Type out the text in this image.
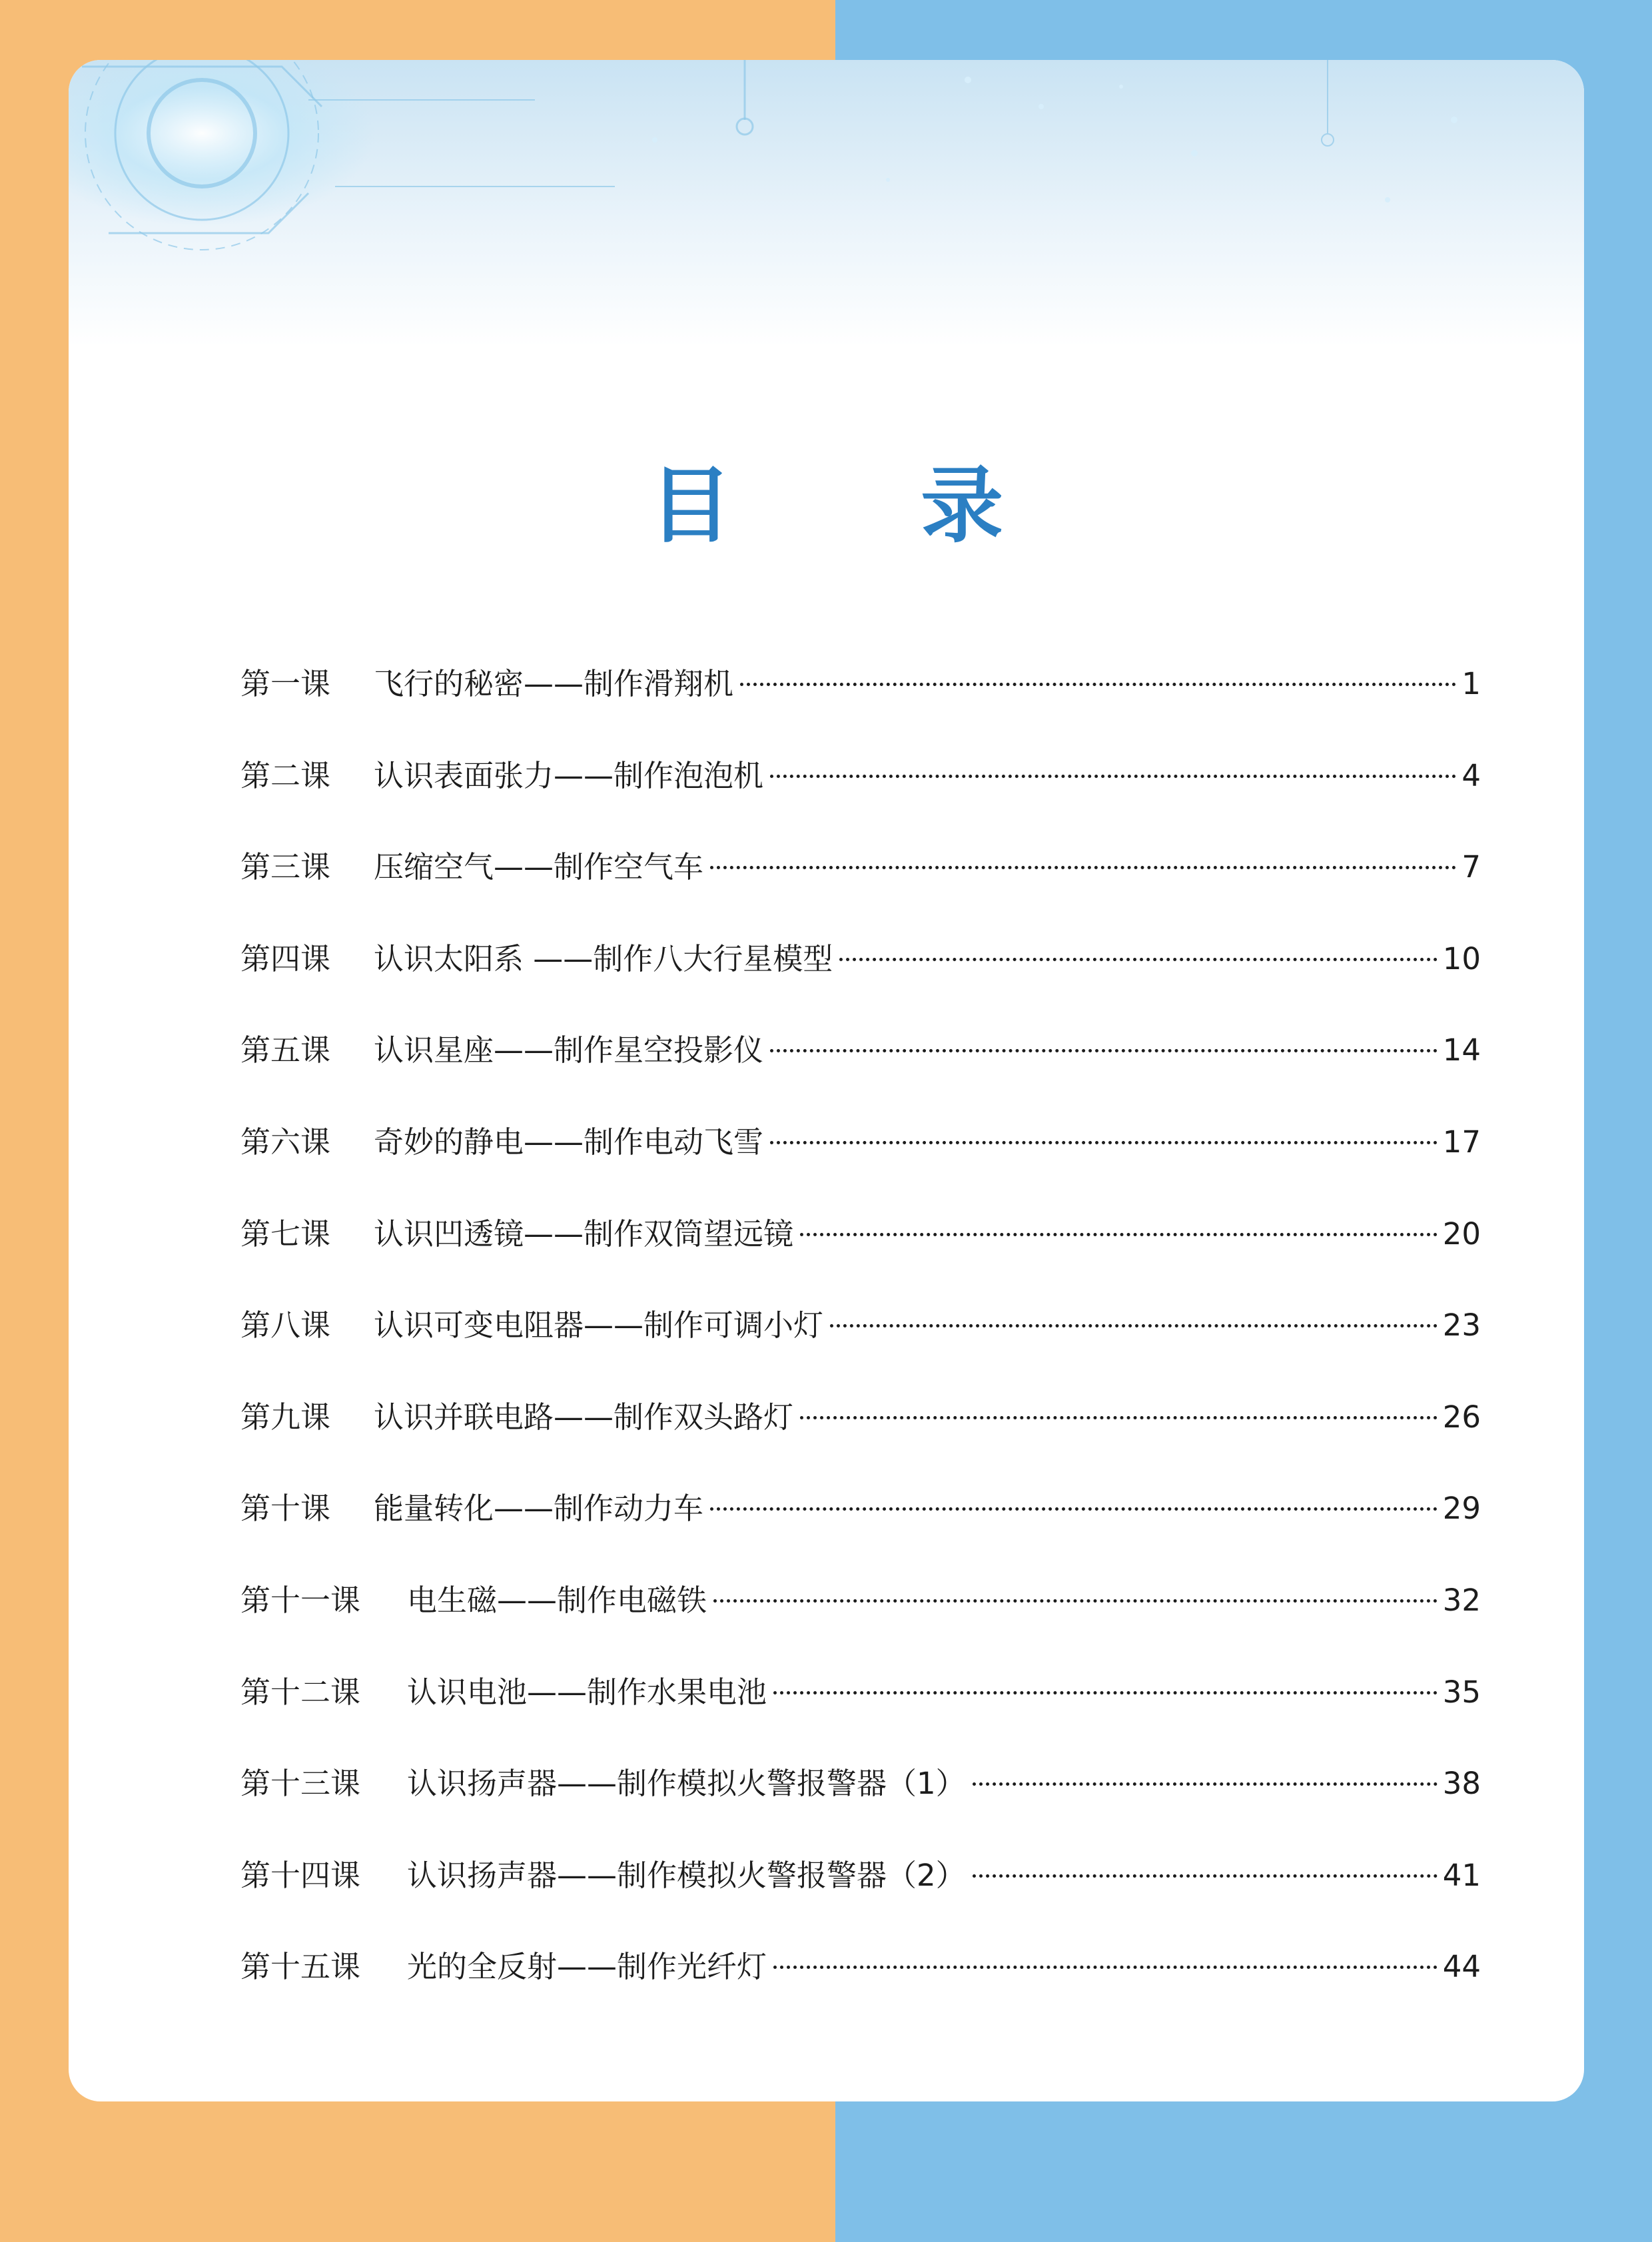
目 录
第一课	飞行的秘密——制作滑翔机	1
第二课	认识表面张力——制作泡泡机	4
第三课	压缩空气——制作空气车	7
第四课	认识太阳系 ——制作八大行星模型	10
第五课	认识星座——制作星空投影仪	14
第六课	奇妙的静电——制作电动飞雪	17
第七课	认识凹透镜——制作双筒望远镜	20
第八课	认识可变电阻器——制作可调小灯	23
第九课	认识并联电路——制作双头路灯	26
第十课	能量转化——制作动力车	29
第十一课	电生磁——制作电磁铁	32
第十二课	认识电池——制作水果电池	35
第十三课	认识扬声器——制作模拟火警报警器（1）	38
第十四课	认识扬声器——制作模拟火警报警器（2）	41
第十五课	光的全反射——制作光纤灯	44
